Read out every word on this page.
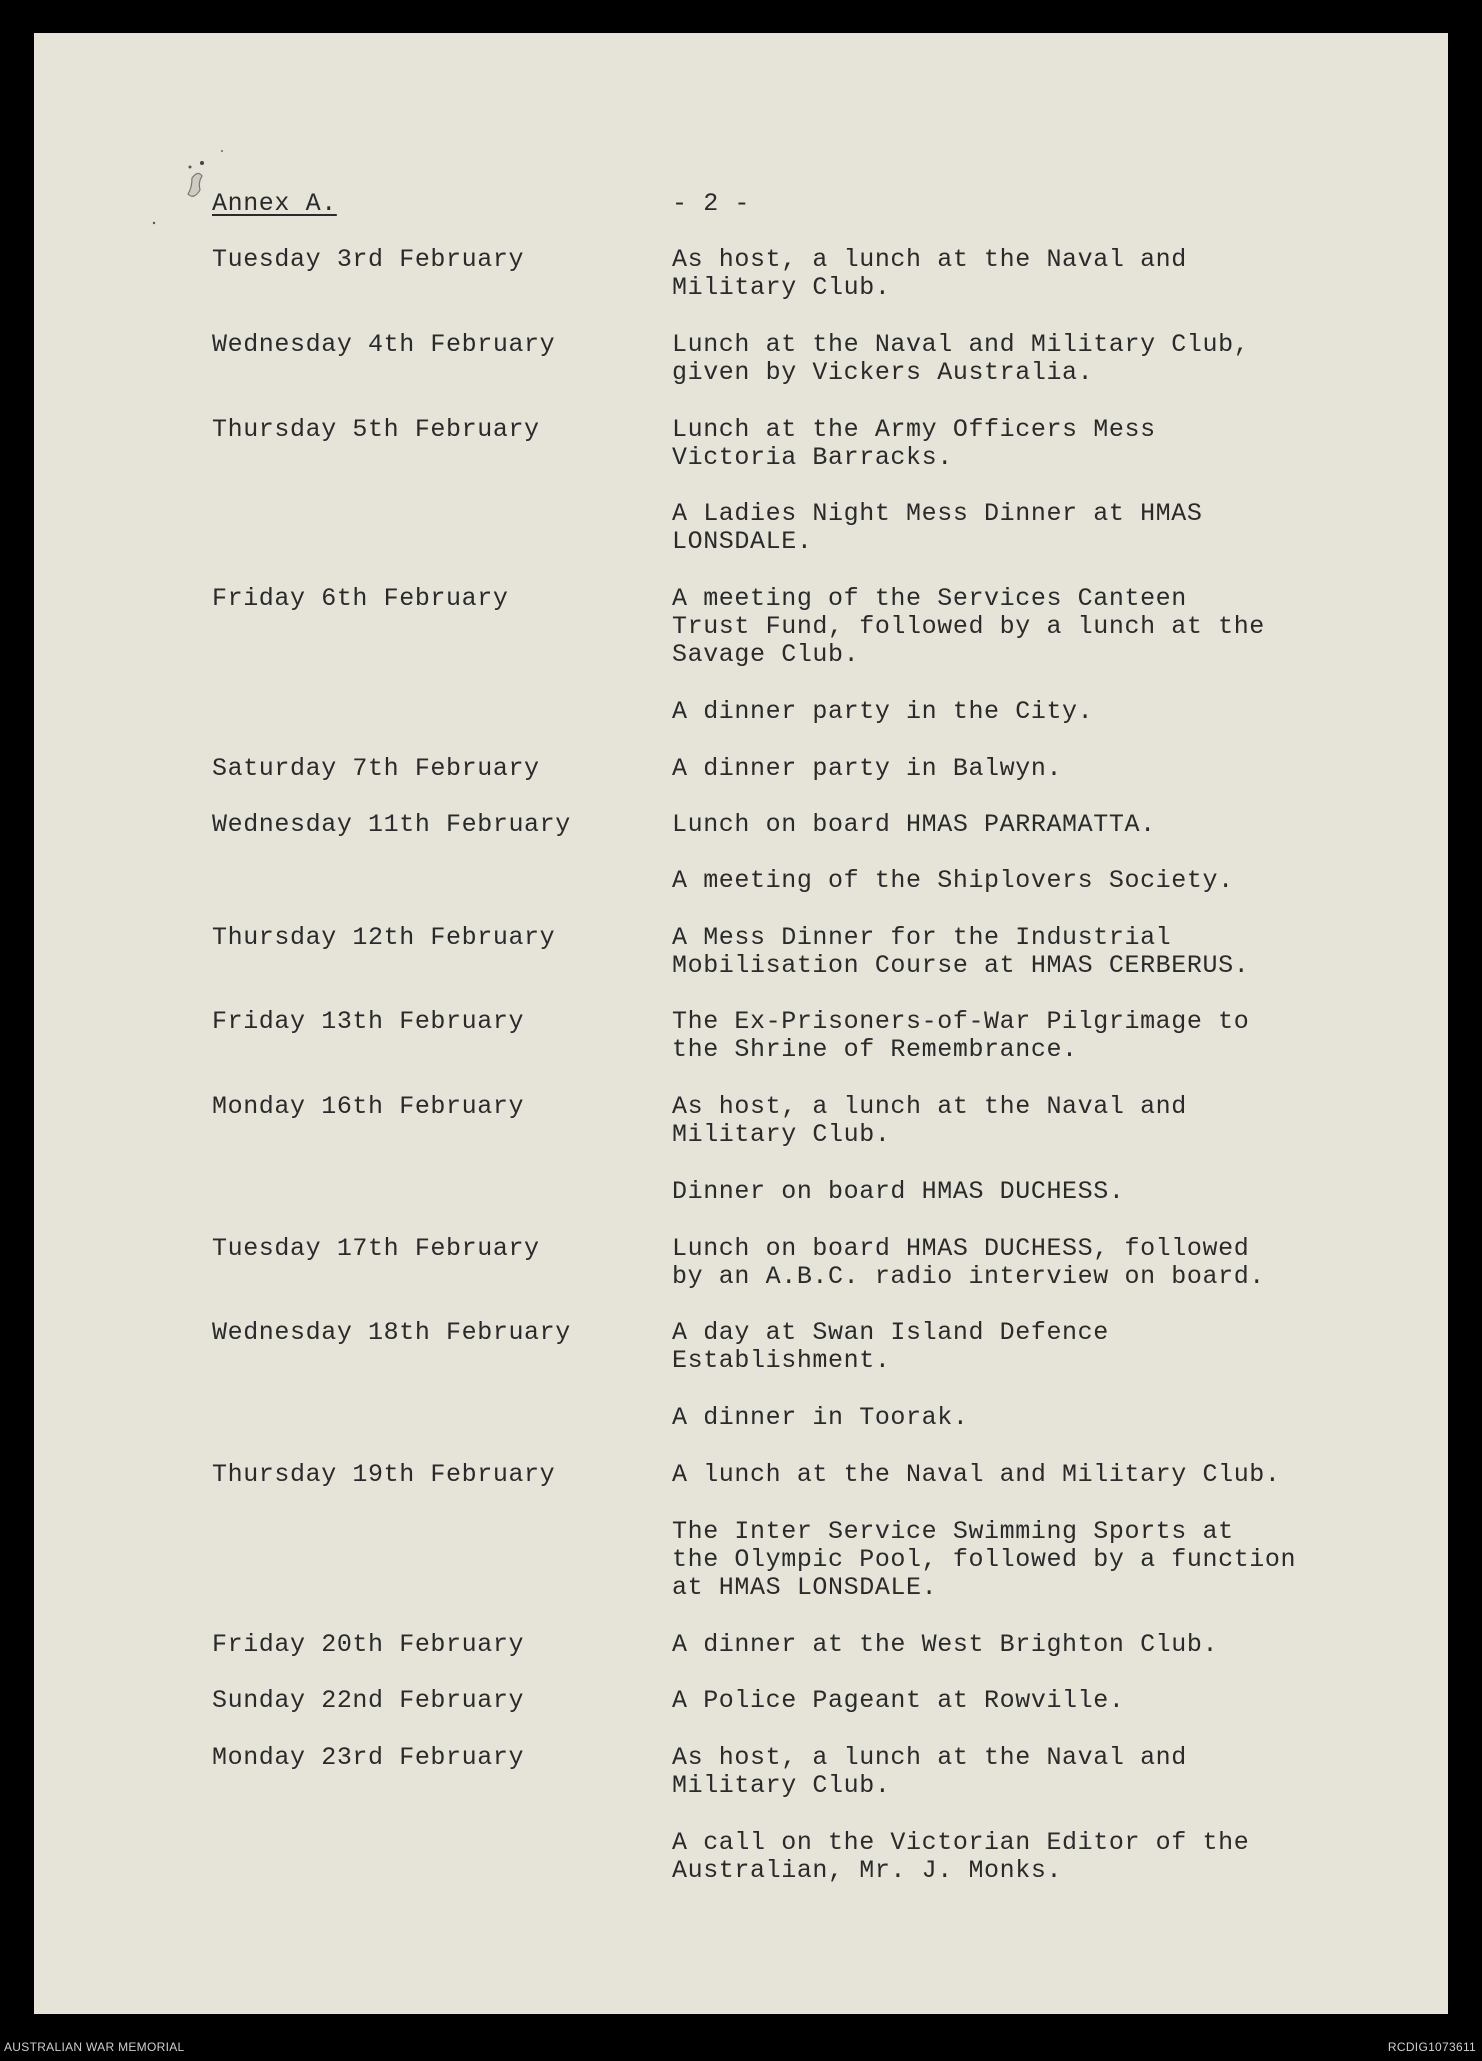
Annex A.	- 2 -
Tuesday 3rd February	As host, a lunch at the Naval and
Military Club.
Wednesday 4th February	Lunch at the Naval and Military Club,
given by Vickers Australia.
Thursday 5th February	Lunch at the Army Officers Mess
Victoria Barracks.
A Ladies Night Mess Dinner at HMAS
LONSDALE.
Friday 6th February	A meeting of the Services Canteen
Trust Fund, followed by a lunch at the
Savage Club.
A dinner party in the City.
Saturday 7th February	A dinner party in Balwyn.
Wednesday 11th February	Lunch on board HMAS PARRAMATTA.
A meeting of the Shiplovers Society.
Thursday 12th February	A Mess Dinner for the Industrial
Mobilisation Course at HMAS CERBERUS.
Friday 13th February	The Ex-Prisoners-of-War Pilgrimage to
the Shrine of Remembrance.
Monday 16th February	As host, a lunch at the Naval and
Military Club.
Dinner on board HMAS DUCHESS.
Tuesday 17th February	Lunch on board HMAS DUCHESS, followed
by an A.B.C. radio interview on board.
Wednesday 18th February	A day at Swan Island Defence
Establishment.
A dinner in Toorak.
Thursday 19th February	A lunch at the Naval and Military Club.
The Inter Service Swimming Sports at
the Olympic Pool, followed by a function
at HMAS LONSDALE.
Friday 20th February	A dinner at the West Brighton Club.
Sunday 22nd February	A Police Pageant at Rowville.
Monday 23rd February	As host, a lunch at the Naval and
Military Club.
A call on the Victorian Editor of the
Australian, Mr. J. Monks.
AUSTRALIAN WAR MEMORIAL	RCDIG1073611
